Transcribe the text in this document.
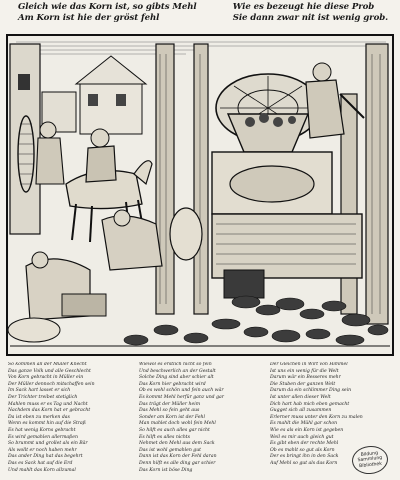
Gleich wie das Korn ist, so gibts Mehl
Am Korn ist hie der gröst fehl
Wie es bezeugt hie diese Prob
Sie dann zwar nit ist wenig grob.
So kommen all der Müller Knecht
Das ganze Volk und alle Geschlecht
Von Korn gebracht in Müller ein
Der Müller dennoch mitschaffen sein
Im Sack hart lasset er sich
Der Trichter treibet stetiglich
Mahlen muss er es Tag und Nacht
Nachdem das Korn hat er gebracht
Da ist eben zu merken das
Wenn es kommt hin auf die Straß
Es hat wenig Korns gebracht
Es wird gemahlen allermaßen
So brummt und grollet als ein Bär
Als wollt er noch haben mehr
Das ander Ding hat das begehrt
Das es Sack hat auf die Erd
Und mahlt das Korn allzumal
Wiewol es erstlich nicht so fein
Und beschwerlich an der Gestalt
Solche Ding sind aber schier alt
Das Korn hier gebracht wird
Ob es wohl schön und fein auch wär
Es kommt Mehl herfür ganz und gar
Das trägt der Müller heim
Das Mehl so fein geht aus
Sonder am Korn ist der Fehl
Man mahlet doch wohl fein Mehl
So hilft es auch alles gar nicht
Es hilft es alles nichts
Nehmet den Mehl aus dem Sack
Das ist wohl gemahlen gut
Dann ist das Korn der Fehl daran
Denn hilft es alle ding gar schier
Das Korn ist böse Ding
Der Gleichen in Wirt von Himmel
Ist uns ein wenig für die Welt
Darum wär ein Besseres mehr
Die Stuben der ganzen Welt
Darum da ein schlimmer Ding sein
Ist unter allen dieser Welt
Dich hart hab mich eben gemacht
Gugget sich all zusammen
Erlerner muss unter den Korn zu malen
Es mahlt die Mühl gar schon
Wie es als ein Korn ist gegeben
Weil es mir auch gleich gut
Es gibt eben der rechte Mehl
Ob es mahlt so gut als Korn
Der es bringt ihn in den Sack
Auf Mehl so gut als das Korn
Bildung
Sammlung
Bibliothek
